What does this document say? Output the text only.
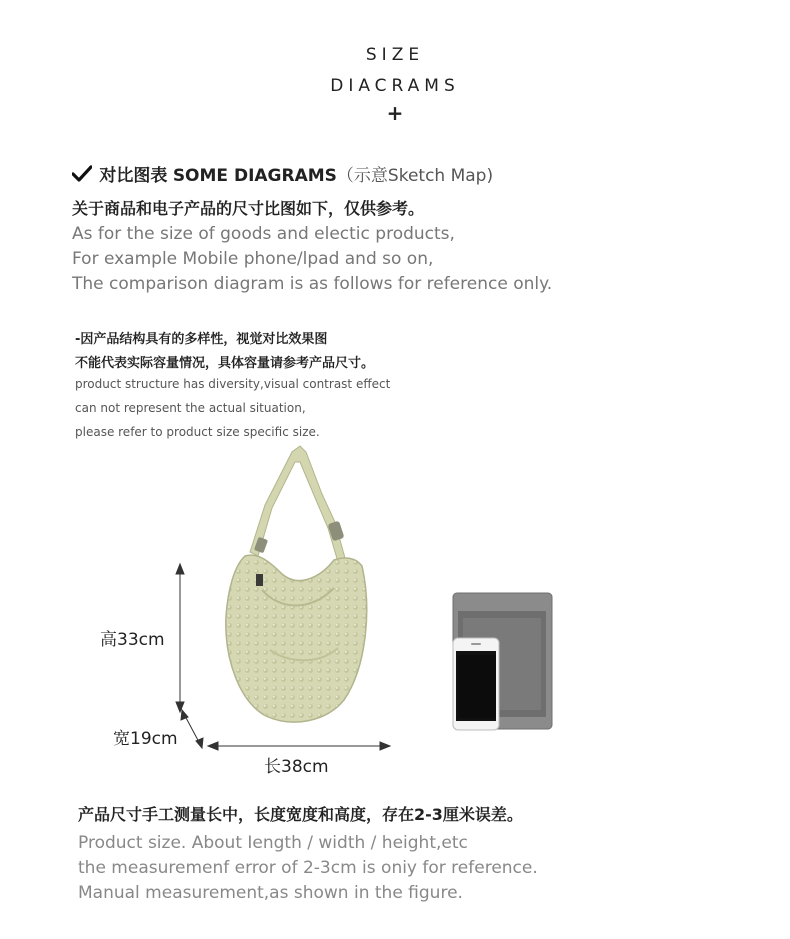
SIZE
DIACRAMS
+
对比图表 SOME DIAGRAMS（示意Sketch Map)
关于商品和电子产品的尺寸比图如下，仅供参考。
As for the size of goods and electic products,
For example Mobile phone/lpad and so on,
The comparison diagram is as follows for reference only.
-因产品结构具有的多样性，视觉对比效果图
不能代表实际容量情况，具体容量请参考产品尺寸。
product structure has diversity,visual contrast effect
can not represent the actual situation,
please refer to product size specific size.
高33cm
宽19cm
长38cm
产品尺寸手工测量长中，长度宽度和高度，存在2-3厘米误差。
Product size. About Iength / width / height,etc
the measuremenf error of 2-3cm is oniy for reference.
Manual measurement,as shown in the figure.
